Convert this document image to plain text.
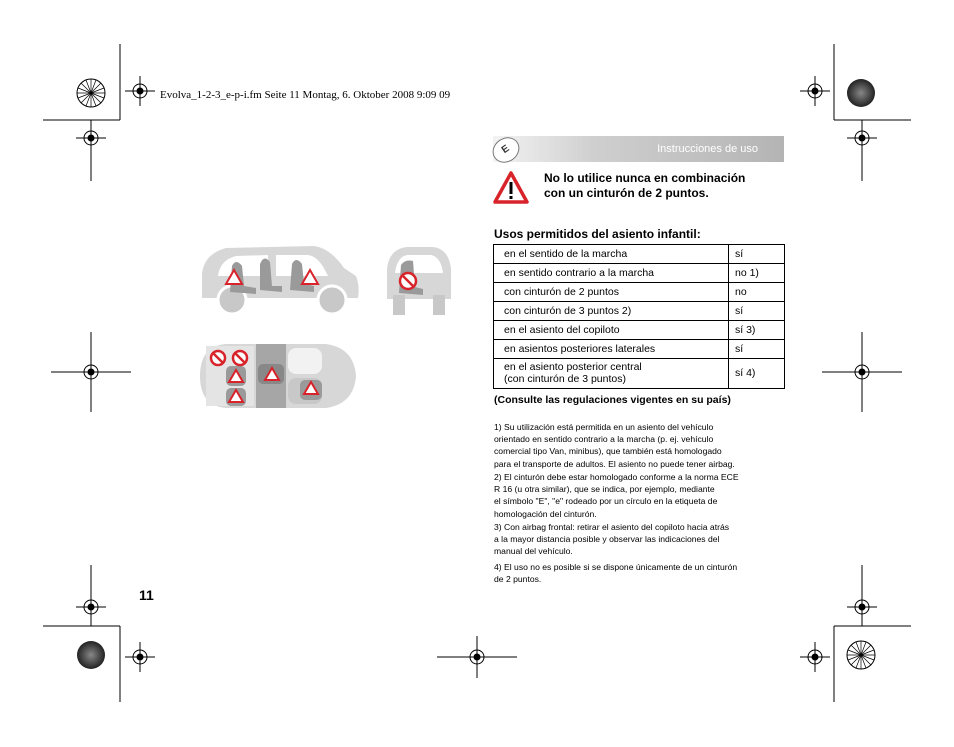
Evolva_1-2-3_e-p-i.fm Seite 11 Montag, 6. Oktober 2008 9:09 09
E	Instrucciones de uso
No lo utilice nunca en combinación
con un cinturón de 2 puntos.
Usos permitidos del asiento infantil:
en el sentido de la marcha	sí
en sentido contrario a la marcha	no 1)
con cinturón de 2 puntos	no
con cinturón de 3 puntos 2)	sí
en el asiento del copiloto	sí 3)
en asientos posteriores laterales	sí

en el asiento posterior central
(con cinturón de 3 puntos)	sí 4)
(Consulte las regulaciones vigentes en su país)
1) Su utilización está permitida en un asiento del vehículo
orientado en sentido contrario a la marcha (p. ej. vehículo
comercial tipo Van, minibus), que también está homologado
para el transporte de adultos. El asiento no puede tener airbag.
2) El cinturón debe estar homologado conforme a la norma ECE
R 16 (u otra similar), que se indica, por ejemplo, mediante
el símbolo "E", "e" rodeado por un círculo en la etiqueta de
homologación del cinturón.
3) Con airbag frontal: retirar el asiento del copiloto hacia atrás
a la mayor distancia posible y observar las indicaciones del
manual del vehículo.
4) El uso no es posible si se dispone únicamente de un cinturón
de 2 puntos.
11
